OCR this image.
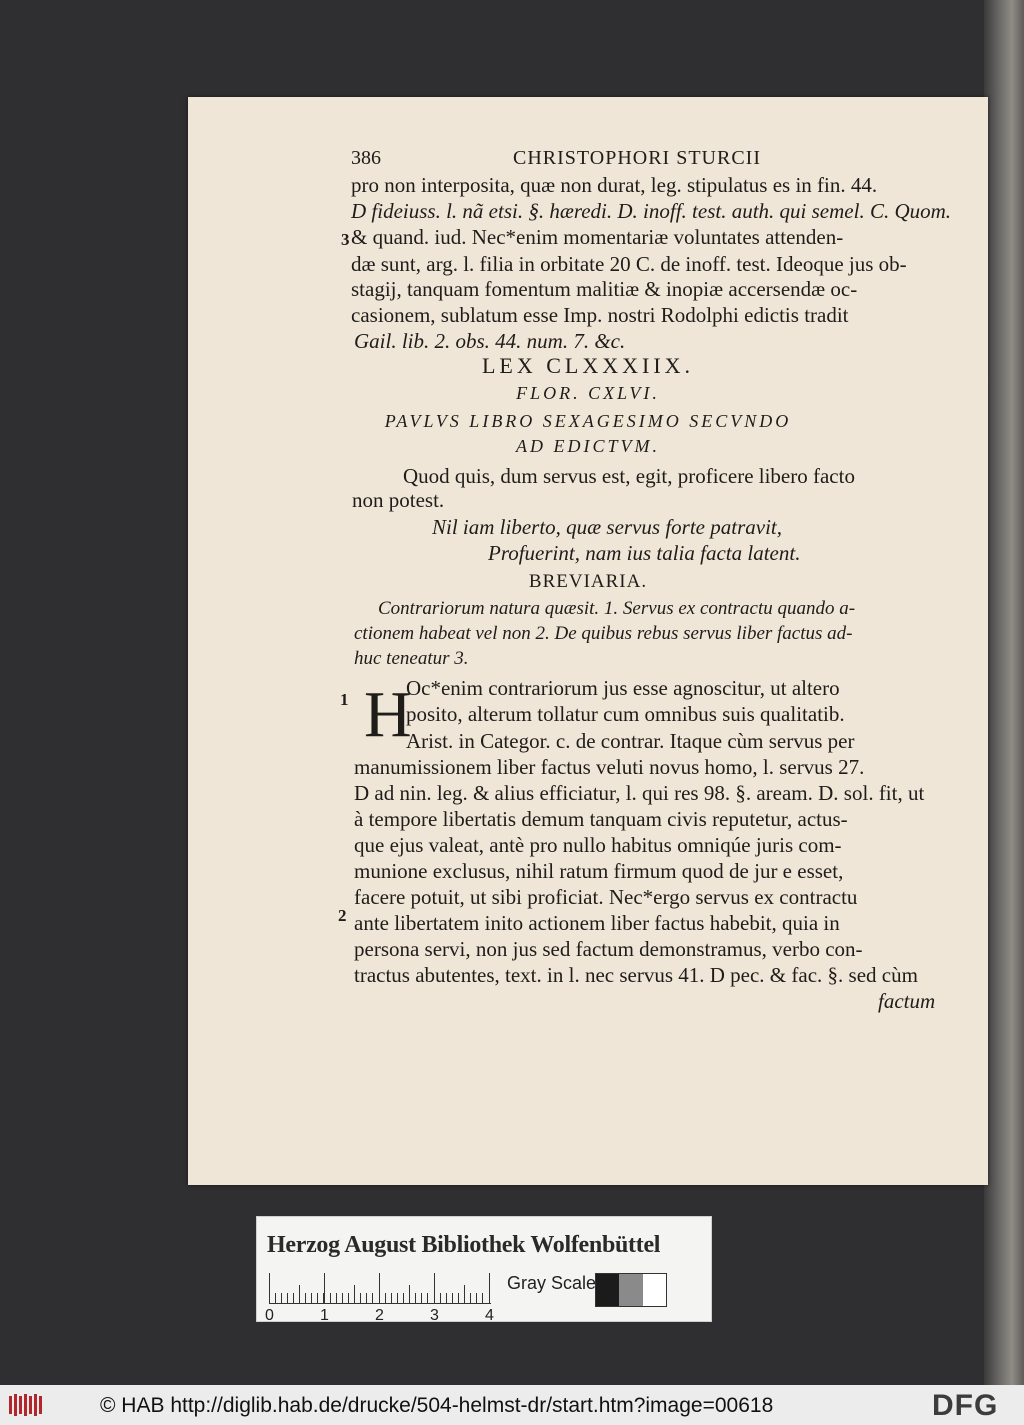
386	CHRISTOPHORI STURCII
pro non interposita, quæ non durat, leg. stipulatus es in fin. 44.
D fideiuss. l. nã etsi. §. hæredi. D. inoff. test. auth. qui semel. C. Quom.
3 & quand. iud. Nec*enim momentariæ voluntates attenden-
dæ sunt, arg. l. filia in orbitate 20 C. de inoff. test. Ideoque jus ob-
stagij, tanquam fomentum malitiæ & inopiæ accersendæ oc-
casionem, sublatum esse Imp. nostri Rodolphi edictis tradit
Gail. lib. 2. obs. 44. num. 7. &c.
LEX CLXXXIIX.
FLOR. CXLVI.
PAVLVS LIBRO SEXAGESIMO SECVNDO
AD EDICTVM.
Quod quis, dum servus est, egit, proficere libero facto
non potest.
Nil iam liberto, quæ servus forte patravit,
Profuerint, nam ius talia facta latent.
BREVIARIA.
Contrariorum natura quæsit. 1. Servus ex contractu quando a-
ctionem habeat vel non 2. De quibus rebus servus liber factus ad-
huc teneatur 3.
1 H
Oc*enim contrariorum jus esse agnoscitur, ut altero
posito, alterum tollatur cum omnibus suis qualitatib.
Arist. in Categor. c. de contrar. Itaque cùm servus per
manumissionem liber factus veluti novus homo, l. servus 27.
D ad nin. leg. & alius efficiatur, l. qui res 98. §. aream. D. sol. fit, ut
à tempore libertatis demum tanquam civis reputetur, actus-
que ejus valeat, antè pro nullo habitus omniqúe juris com-
munione exclusus, nihil ratum firmum quod de jur e esset,
facere potuit, ut sibi proficiat. Nec*ergo servus ex contractu
2 ante libertatem inito actionem liber factus habebit, quia in
persona servi, non jus sed factum demonstramus, verbo con-
tractus abutentes, text. in l. nec servus 41. D pec. & fac. §. sed cùm
factum
Herzog August Bibliothek Wolfenbüttel
0	1	2	3	4
Gray Scale
© HAB http://diglib.hab.de/drucke/504-helmst-dr/start.htm?image=00618	DFG
